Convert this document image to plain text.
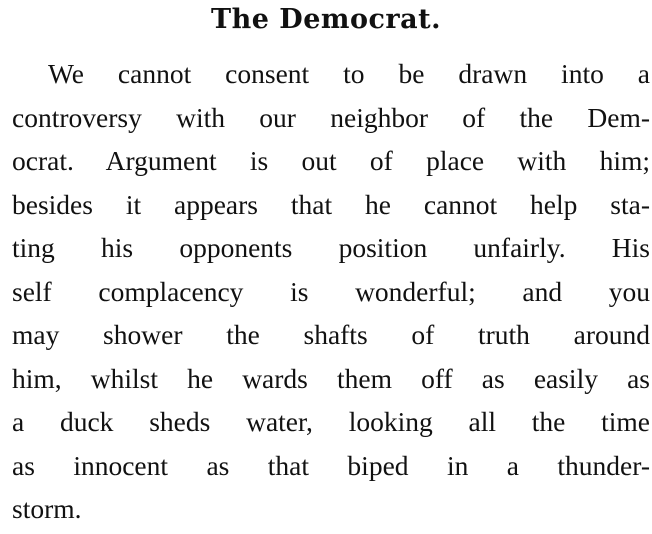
The Democrat.
We cannot consent to be drawn into a
controversy with our neighbor of the Dem-
ocrat. Argument is out of place with him;
besides it appears that he cannot help sta-
ting his opponents position unfairly. His
self complacency is wonderful; and you
may shower the shafts of truth around
him, whilst he wards them off as easily as
a duck sheds water, looking all the time
as innocent as that biped in a thunder-
storm.
